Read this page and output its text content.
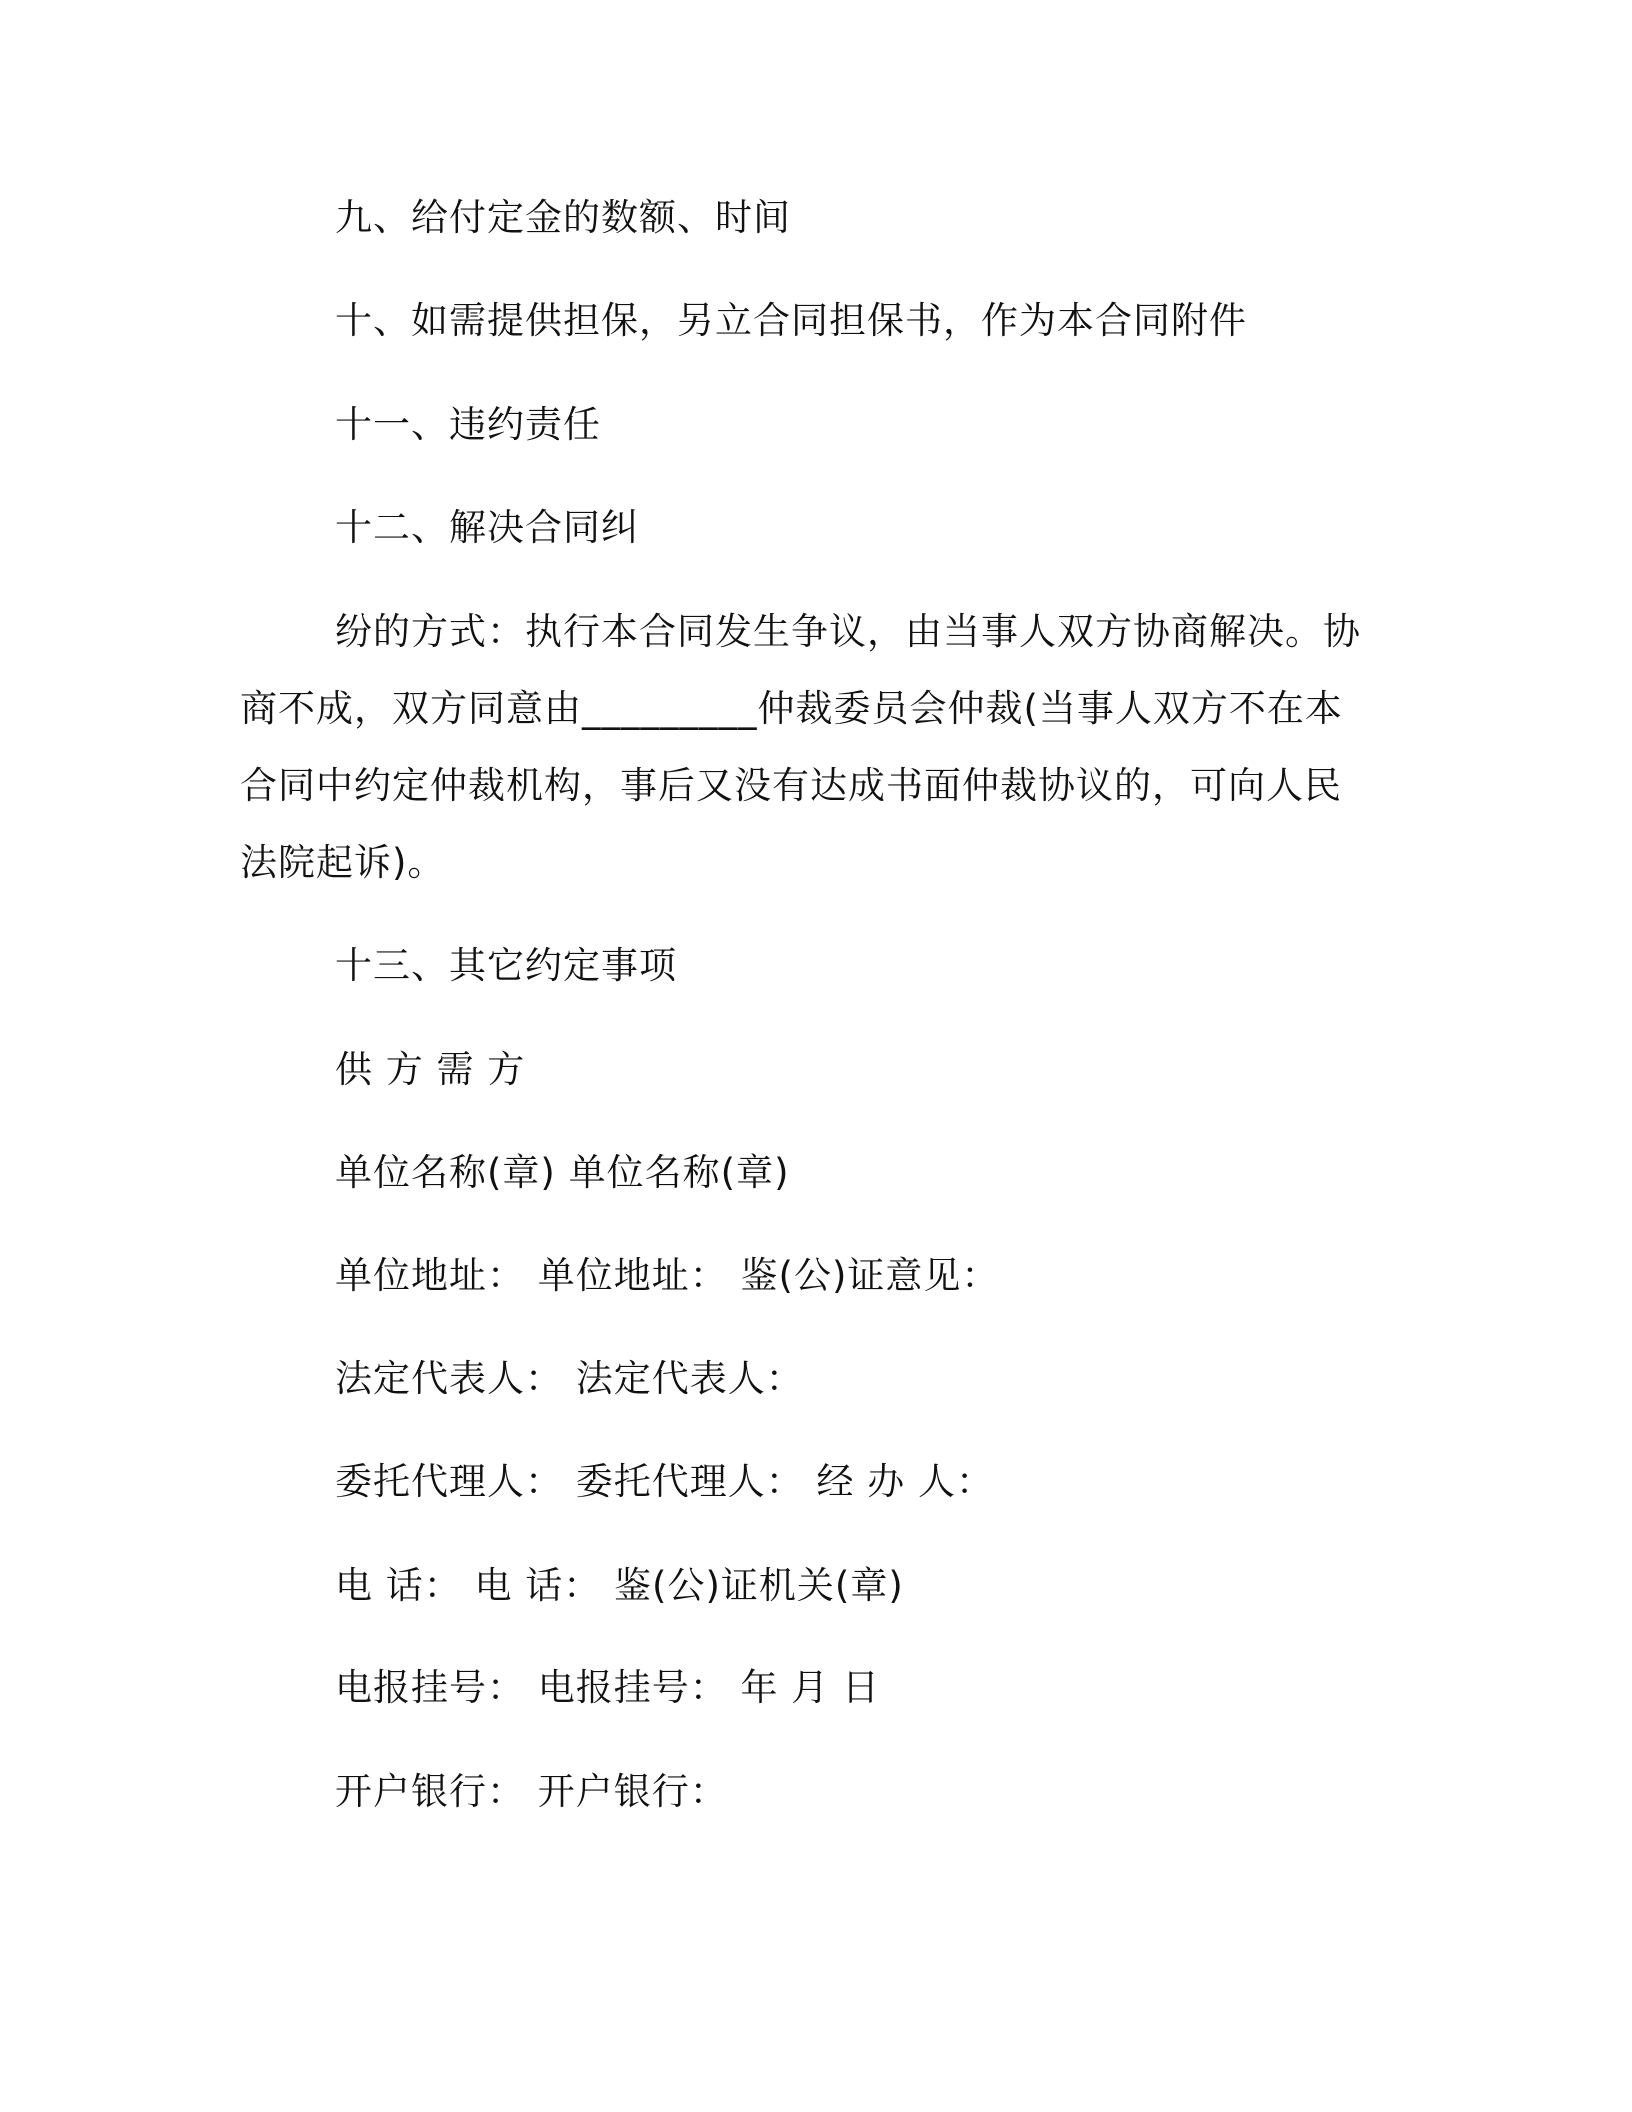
九、给付定金的数额、时间
十、如需提供担保，另立合同担保书，作为本合同附件
十一、违约责任
十二、解决合同纠

纷的方式：执行本合同发生争议，由当事人双方协商解决。协商不成，双方同意由_________仲裁委员会仲裁(当事人双方不在本合同中约定仲裁机构，事后又没有达成书面仲裁协议的，可向人民法院起诉)。

十三、其它约定事项
供 方 需 方
单位名称(章) 单位名称(章)
单位地址： 单位地址： 鉴(公)证意见：
法定代表人： 法定代表人：
委托代理人： 委托代理人： 经 办 人：
电 话： 电 话： 鉴(公)证机关(章)
电报挂号： 电报挂号： 年 月 日
开户银行： 开户银行：
